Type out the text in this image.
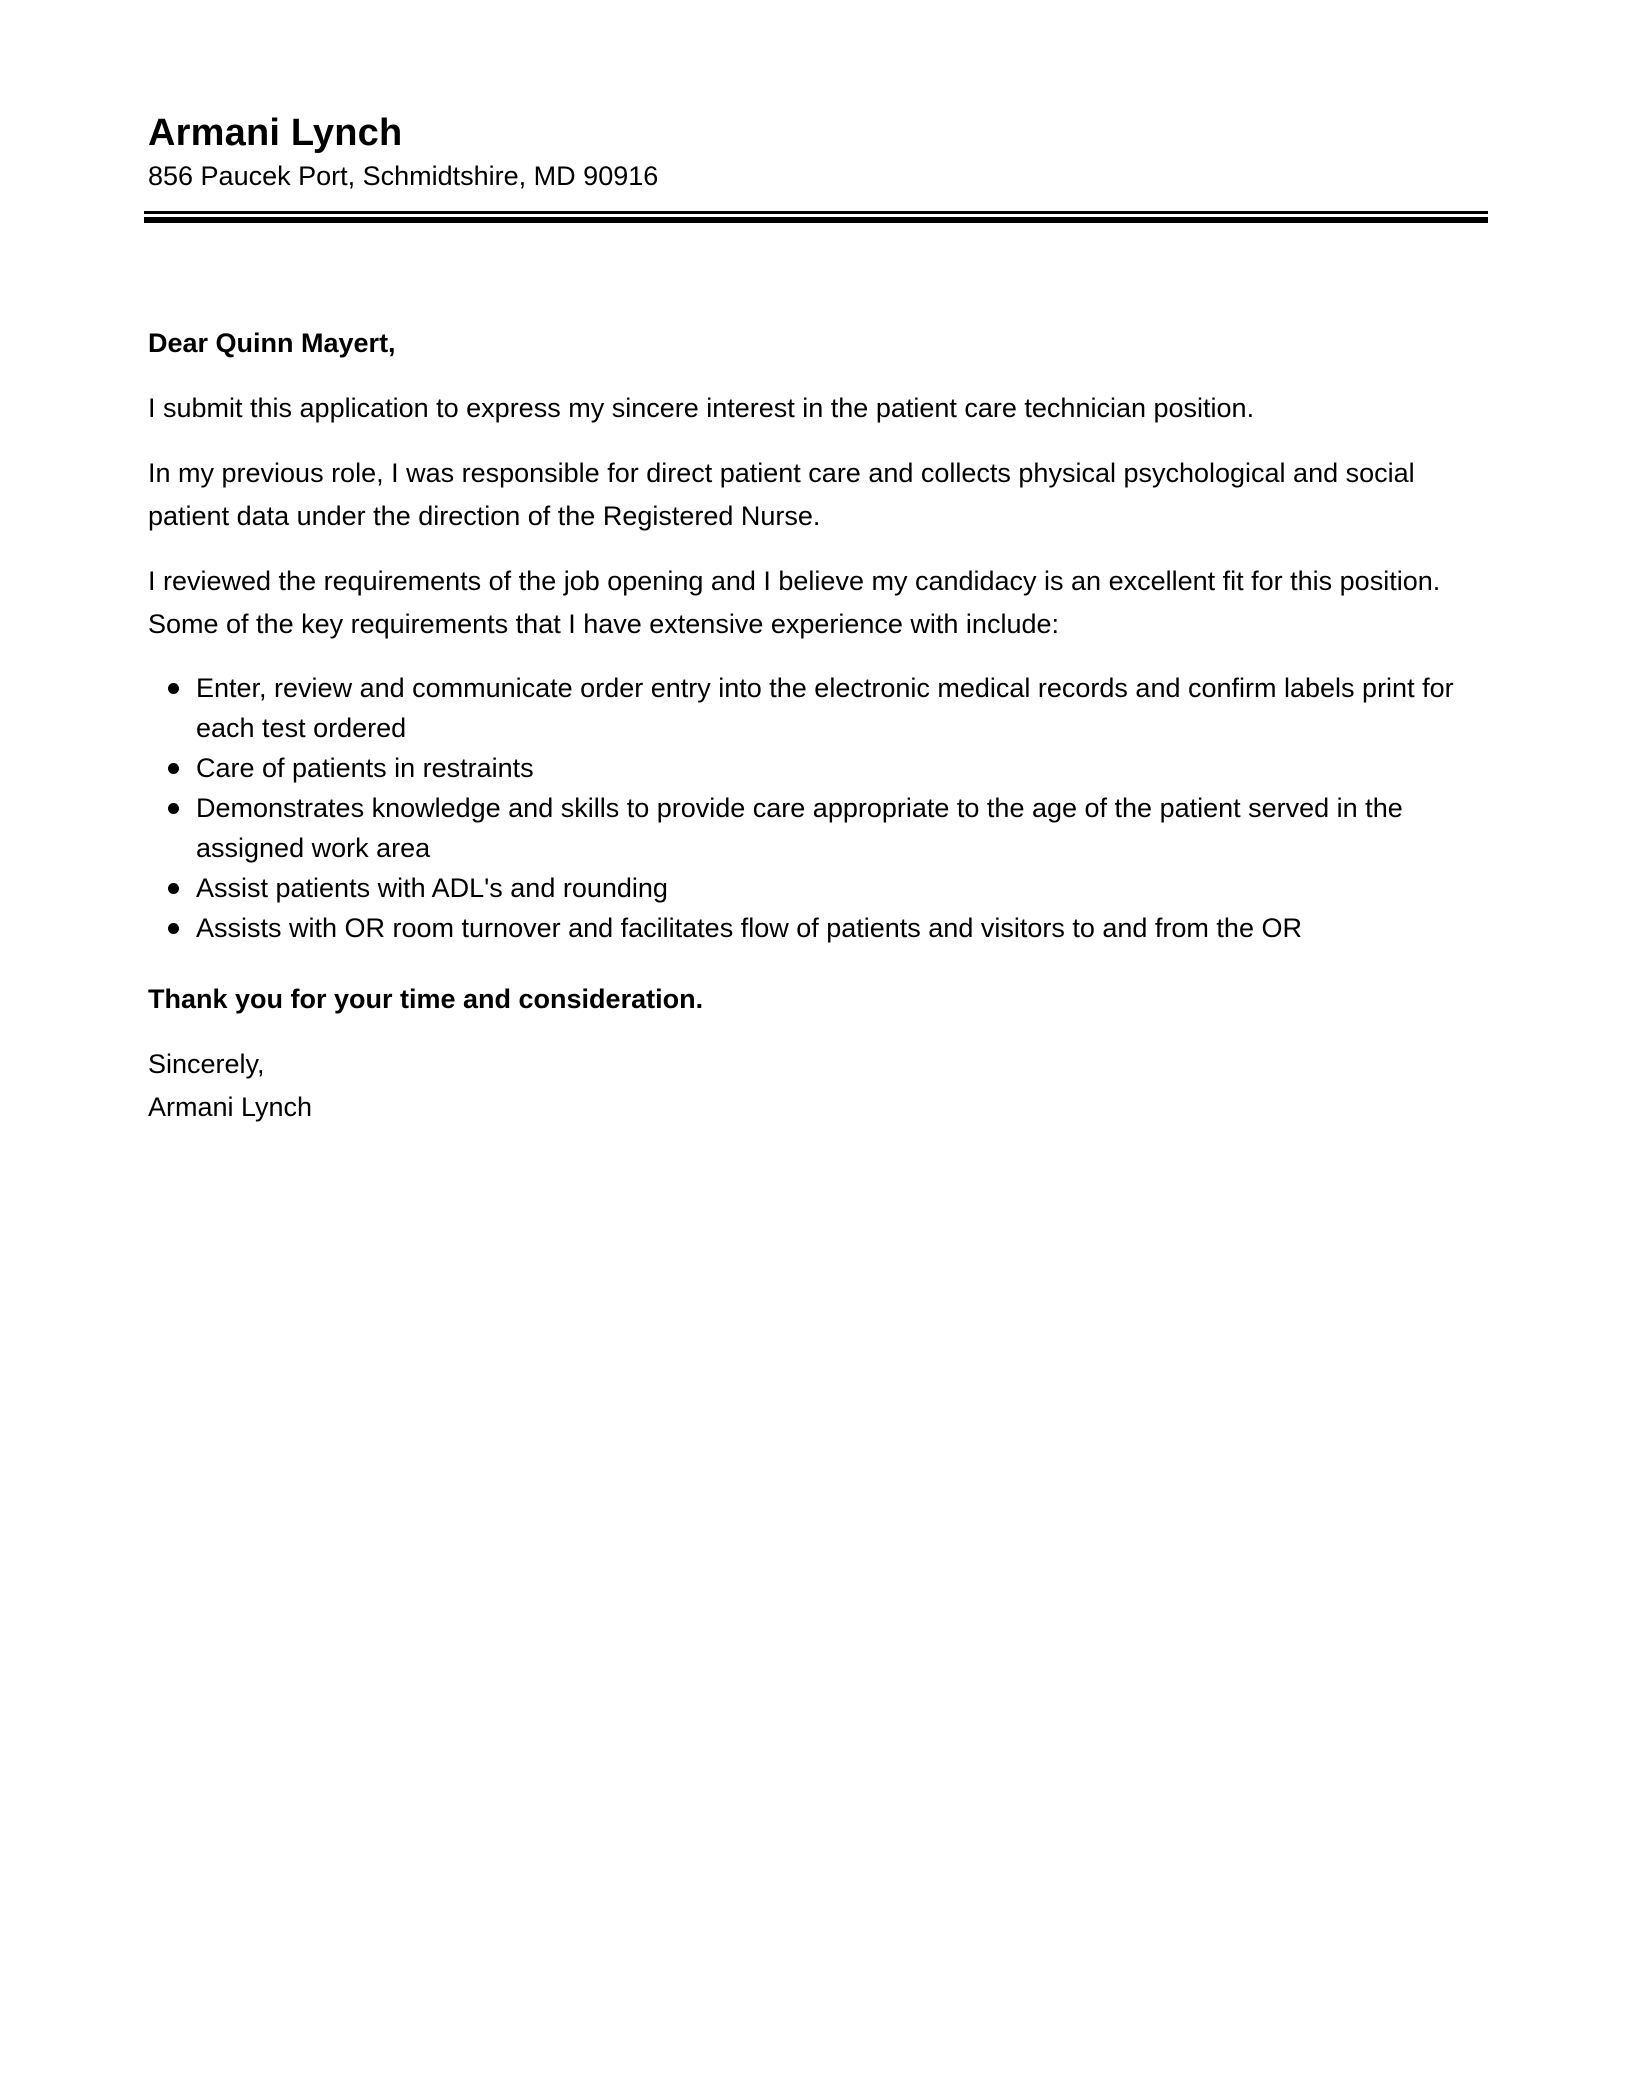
Armani Lynch

856 Paucek Port, Schmidtshire, MD 90916

Dear Quinn Mayert,

I submit this application to express my sincere interest in the patient care technician position.

In my previous role, I was responsible for direct patient care and collects physical psychological and social patient data under the direction of the Registered Nurse.

I reviewed the requirements of the job opening and I believe my candidacy is an excellent fit for this position. Some of the key requirements that I have extensive experience with include:

Enter, review and communicate order entry into the electronic medical records and confirm labels print for each test ordered
Care of patients in restraints
Demonstrates knowledge and skills to provide care appropriate to the age of the patient served in the assigned work area
Assist patients with ADL's and rounding
Assists with OR room turnover and facilitates flow of patients and visitors to and from the OR

Thank you for your time and consideration.

Sincerely,

Armani Lynch
